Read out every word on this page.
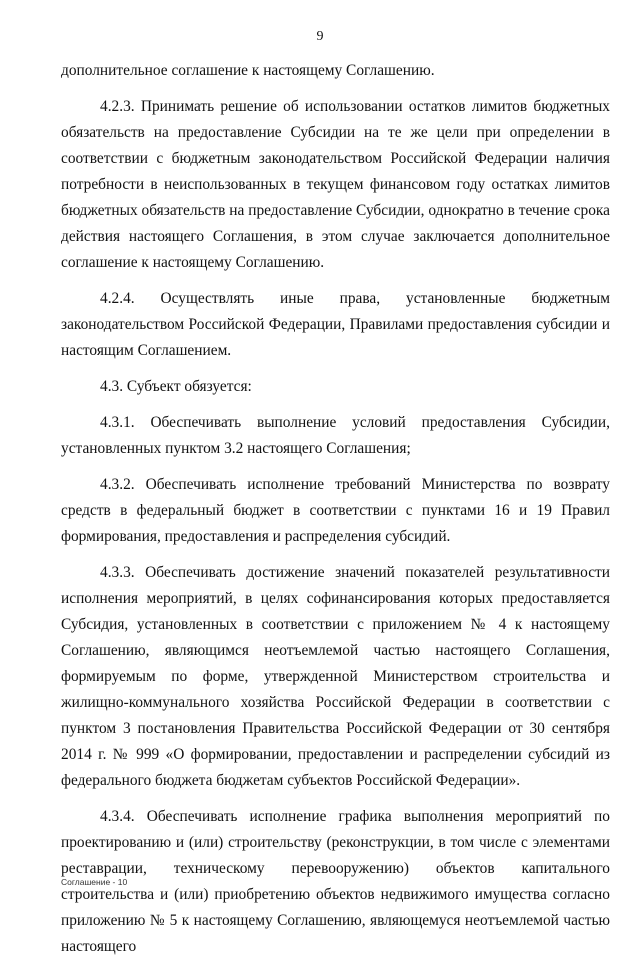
9

дополнительное соглашение к настоящему Соглашению.

4.2.3. Принимать решение об использовании остатков лимитов бюджетных обязательств на предоставление Субсидии на те же цели при определении в соответствии с бюджетным законодательством Российской Федерации наличия потребности в неиспользованных в текущем финансовом году остатках лимитов бюджетных обязательств на предоставление Субсидии, однократно в течение срока действия настоящего Соглашения, в этом случае заключается дополнительное соглашение к настоящему Соглашению.

4.2.4. Осуществлять иные права, установленные бюджетным законодательством Российской Федерации, Правилами предоставления субсидии и настоящим Соглашением.

4.3. Субъект обязуется:

4.3.1. Обеспечивать выполнение условий предоставления Субсидии, установленных пунктом 3.2 настоящего Соглашения;

4.3.2. Обеспечивать исполнение требований Министерства по возврату средств в федеральный бюджет в соответствии с пунктами 16 и 19 Правил формирования, предоставления и распределения субсидий.

4.3.3. Обеспечивать достижение значений показателей результативности исполнения мероприятий, в целях софинансирования которых предоставляется Субсидия, установленных в соответствии с приложением № 4 к настоящему Соглашению, являющимся неотъемлемой частью настоящего Соглашения, формируемым по форме, утвержденной Министерством строительства и жилищно-коммунального хозяйства Российской Федерации в соответствии с пунктом 3 постановления Правительства Российской Федерации от 30 сентября 2014 г. № 999 «О формировании, предоставлении и распределении субсидий из федерального бюджета бюджетам субъектов Российской Федерации».

4.3.4. Обеспечивать исполнение графика выполнения мероприятий по проектированию и (или) строительству (реконструкции, в том числе с элементами реставрации, техническому перевооружению) объектов капитального строительства и (или) приобретению объектов недвижимого имущества согласно приложению № 5 к настоящему Соглашению, являющемуся неотъемлемой частью настоящего

Соглашение - 10
